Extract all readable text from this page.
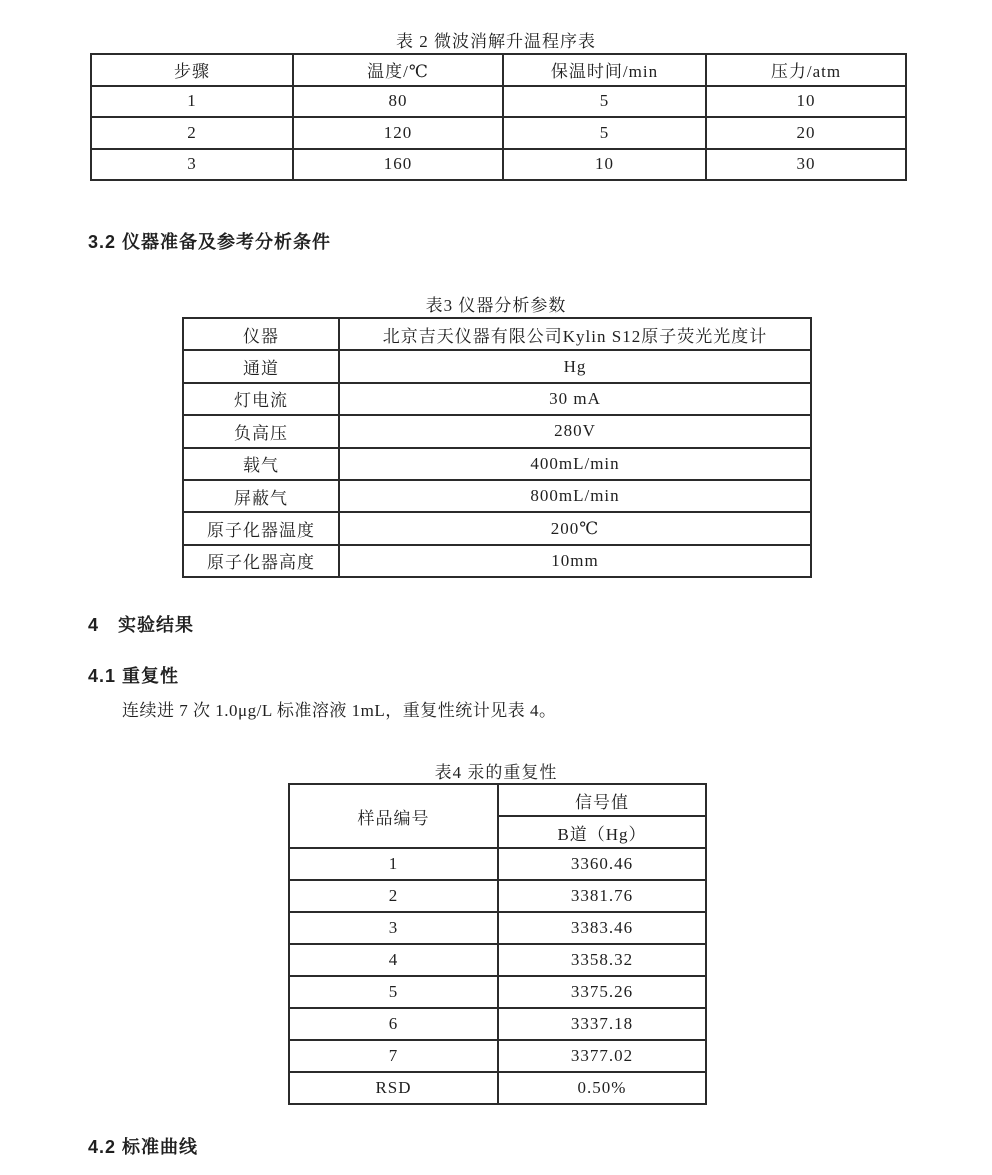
表 2 微波消解升温程序表
步骤	温度/℃	保温时间/min	压力/atm
1	80	5	10
2	120	5	20
3	160	10	30
3.2 仪器准备及参考分析条件
表3 仪器分析参数
仪器	北京吉天仪器有限公司Kylin S12原子荧光光度计
通道	Hg
灯电流	30 mA
负高压	280V
载气	400mL/min
屏蔽气	800mL/min
原子化器温度	200℃
原子化器高度	10mm
4　实验结果
4.1 重复性

连续进 7 次 1.0μg/L 标准溶液 1mL，重复性统计见表 4。

表4 汞的重复性
样品编号	信号值
	B道（Hg）
1	3360.46
2	3381.76
3	3383.46
4	3358.32
5	3375.26
6	3337.18
7	3377.02
RSD	0.50%
4.2 标准曲线
